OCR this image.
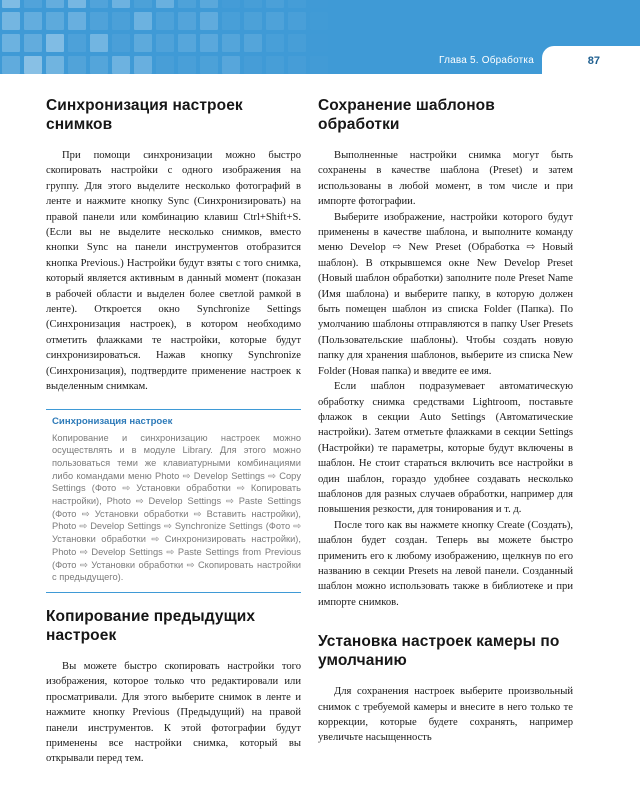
Глава 5. Обработка	87
Синхронизация настроек снимков

При помощи синхронизации можно быстро скопировать настройки с одного изображения на группу. Для этого выделите несколько фотографий в ленте и нажмите кнопку Sync (Синхронизировать) на правой панели или комбинацию клавиш Ctrl+Shift+S. (Если вы не выделите несколько снимков, вместо кнопки Sync на панели инструментов отобразится кнопка Previous.) Настройки будут взяты с того снимка, который является активным в данный момент (показан в рабочей области и выделен более светлой рамкой в ленте). Откроется окно Synchronize Settings (Синхронизация настроек), в котором необходимо отметить флажками те настройки, которые будут синхронизироваться. Нажав кнопку Synchronize (Синхронизация), подтвердите применение настроек к выделенным снимкам.

Синхронизация настроек
Копирование и синхронизацию настроек можно осуществлять и в модуле Library. Для этого можно пользоваться теми же клавиатурными комбинациями либо командами меню Photo ⇨ Develop Settings ⇨ Copy Settings (Фото ⇨ Установки обработки ⇨ Копировать настройки), Photo ⇨ Develop Settings ⇨ Paste Settings (Фото ⇨ Установки обработки ⇨ Вставить настройки), Photo ⇨ Develop Settings ⇨ Synchronize Settings (Фото ⇨ Установки обработки ⇨ Синхронизировать настройки), Photo ⇨ Develop Settings ⇨ Paste Settings from Previous (Фото ⇨ Установки обработки ⇨ Скопировать настройки с предыдущего).
Копирование предыдущих настроек

Вы можете быстро скопировать настройки того изображения, которое только что редактировали или просматривали. Для этого выберите снимок в ленте и нажмите кнопку Previous (Предыдущий) на правой панели инструментов. К этой фотографии будут применены все настройки снимка, который вы открывали перед тем.

Сохранение шаблонов обработки

Выполненные настройки снимка могут быть сохранены в качестве шаблона (Preset) и затем использованы в любой момент, в том числе и при импорте фотографии.

Выберите изображение, настройки которого будут применены в качестве шаблона, и выполните команду меню Develop ⇨ New Preset (Обработка ⇨ Новый шаблон). В открывшемся окне New Develop Preset (Новый шаблон обработки) заполните поле Preset Name (Имя шаблона) и выберите папку, в которую должен быть помещен шаблон из списка Folder (Папка). По умолчанию шаблоны отправляются в папку User Presets (Пользовательские шаблоны). Чтобы создать новую папку для хранения шаблонов, выберите из списка New Folder (Новая папка) и введите ее имя.

Если шаблон подразумевает автоматическую обработку снимка средствами Lightroom, поставьте флажок в секции Auto Settings (Автоматические настройки). Затем отметьте флажками в секции Settings (Настройки) те параметры, которые будут включены в шаблон. Не стоит стараться включить все настройки в один шаблон, гораздо удобнее создавать несколько шаблонов для разных случаев обработки, например для повышения резкости, для тонирования и т. д.

После того как вы нажмете кнопку Create (Создать), шаблон будет создан. Теперь вы можете быстро применить его к любому изображению, щелкнув по его названию в секции Presets на левой панели. Созданный шаблон можно использовать также в библиотеке и при импорте снимков.

Установка настроек камеры по умолчанию

Для сохранения настроек выберите произвольный снимок с требуемой камеры и внесите в него только те коррекции, которые будете сохранять, например увеличьте насыщенность
